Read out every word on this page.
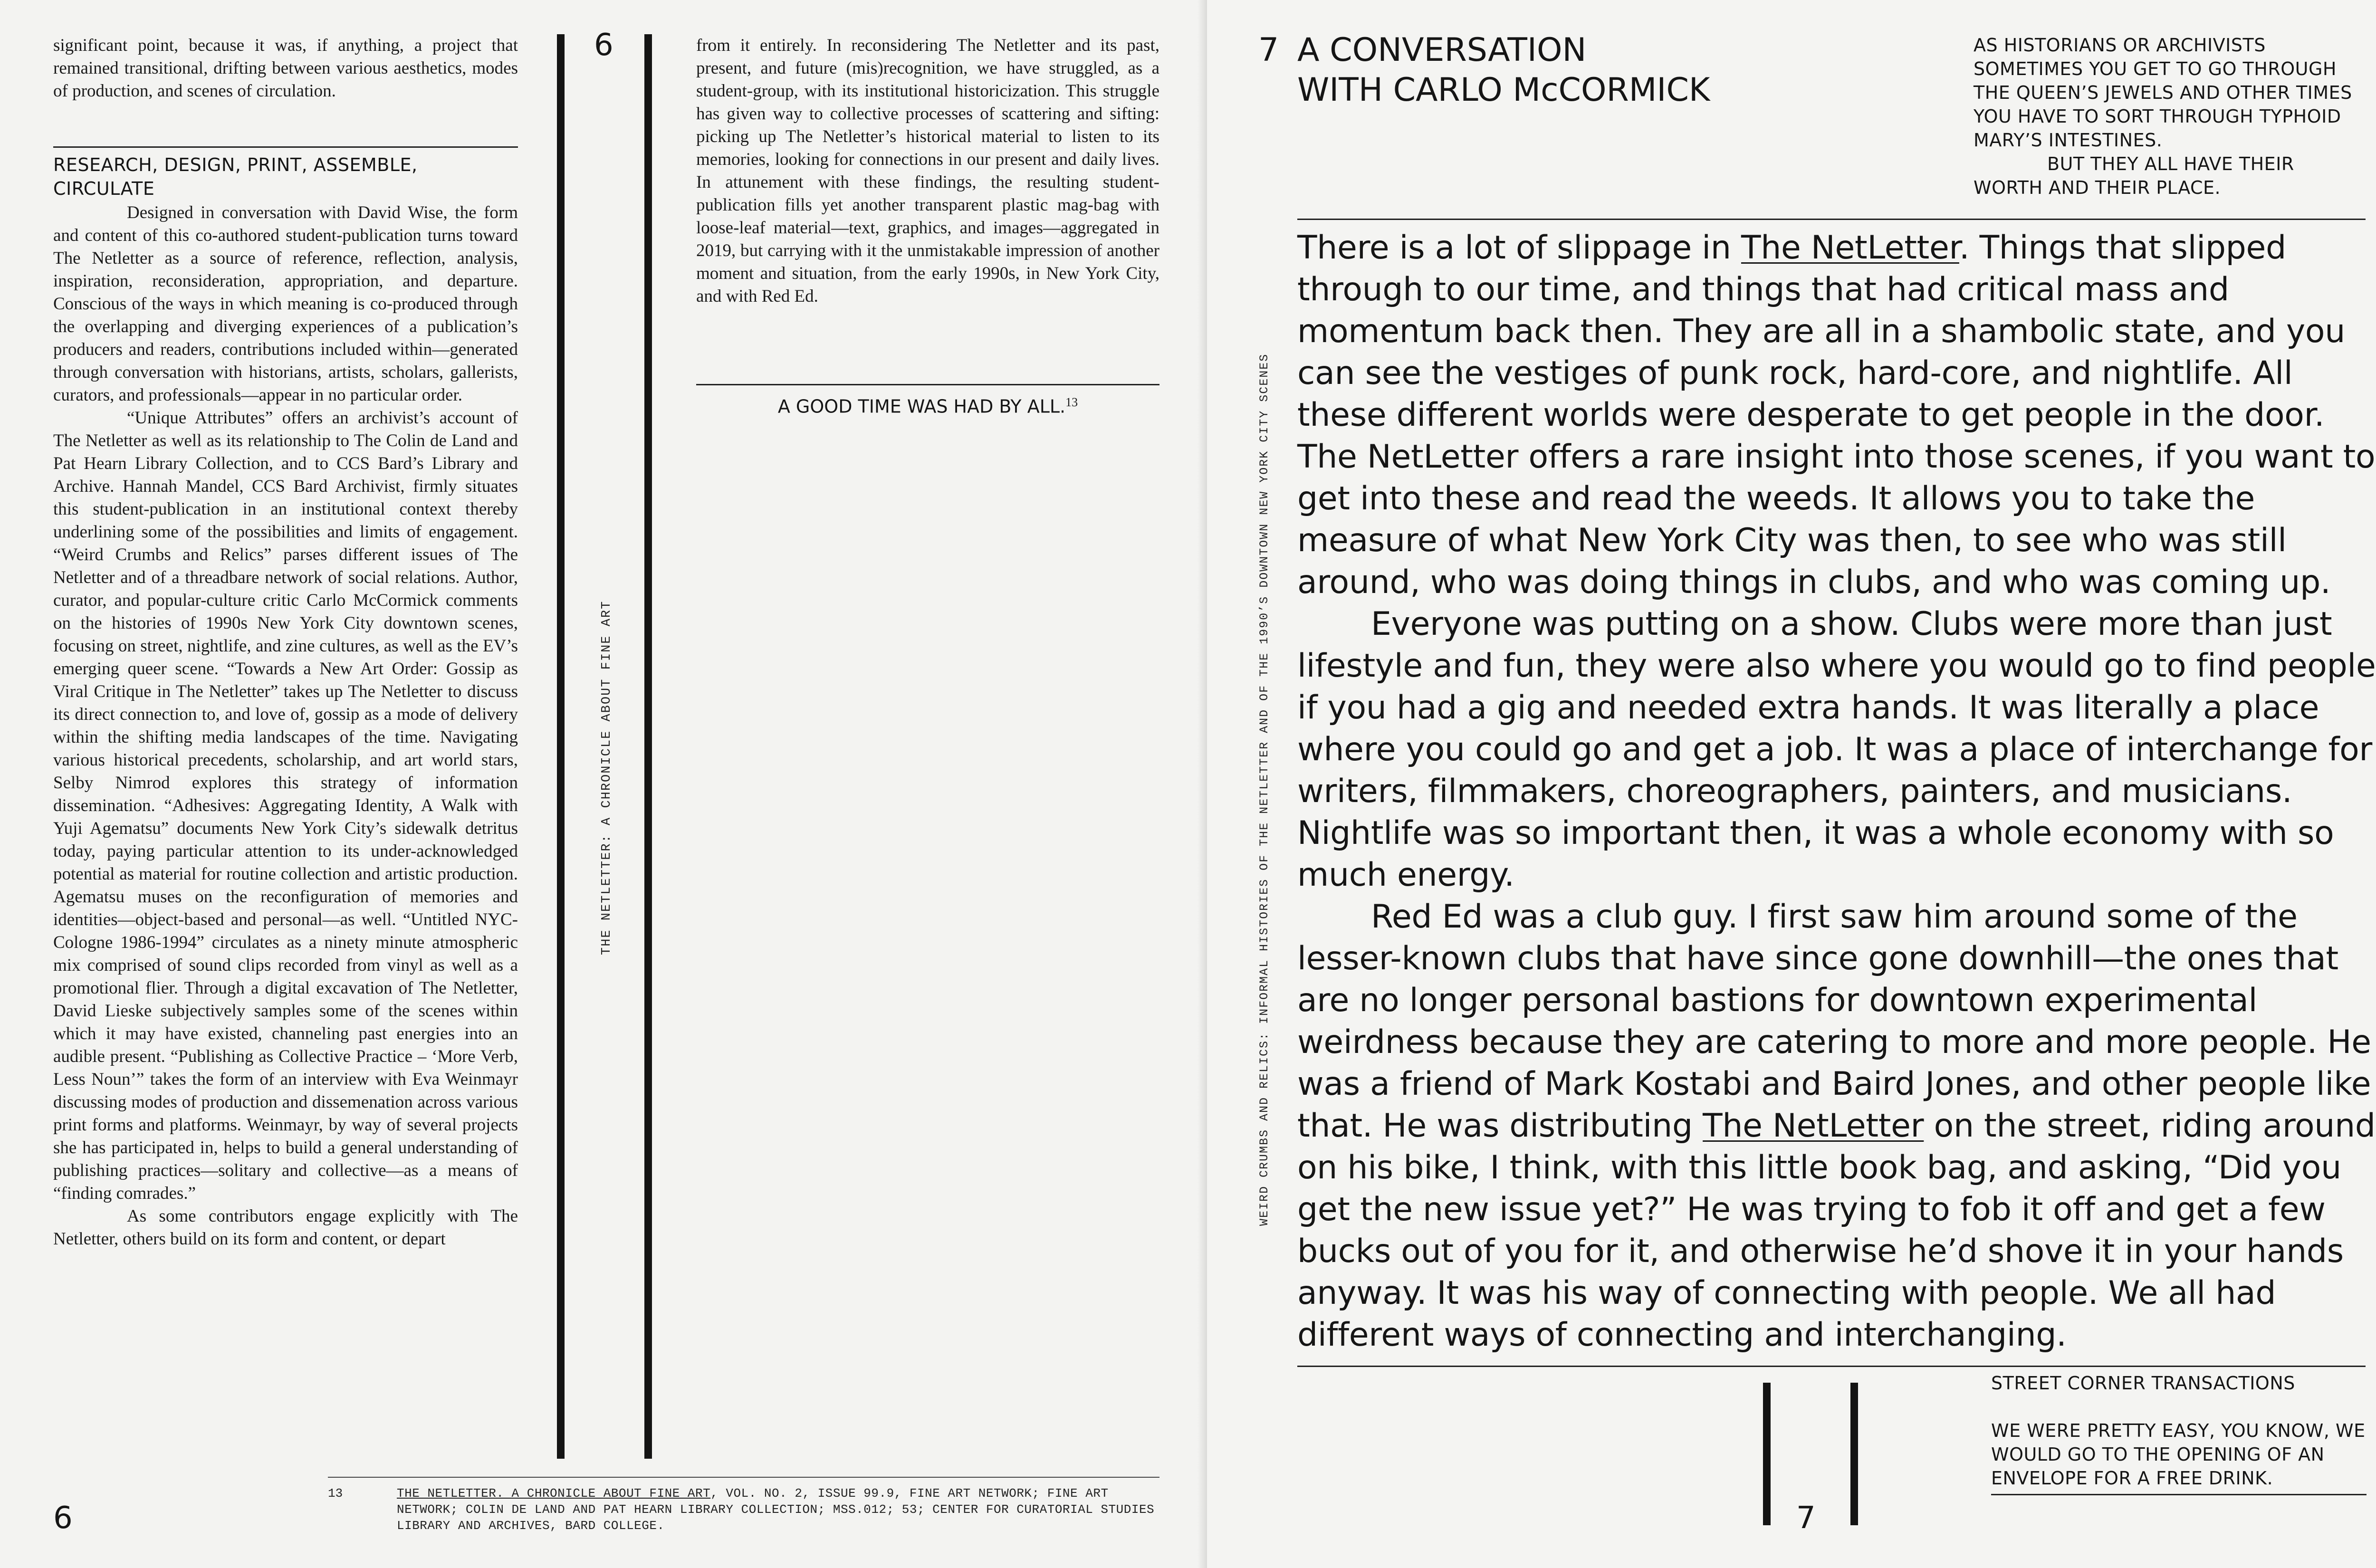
significant point, because it was, if anything, a project that remained transitional, drifting between various aesthetics, modes of production, and scenes of circulation.
RESEARCH, DESIGN, PRINT, ASSEMBLE, CIRCULATE

Designed in conversation with David Wise, the form and content of this co-authored student-publication turns toward The Netletter as a source of reference, reflection, analysis, inspiration, reconsideration, appropriation, and departure. Conscious of the ways in which meaning is co-produced through the overlapping and diverging experiences of a publication’s producers and readers, contributions included within—generated through conversation with historians, artists, scholars, gallerists, curators, and professionals—appear in no particular order.

“Unique Attributes” offers an archivist’s account of The Netletter as well as its relationship to The Colin de Land and Pat Hearn Library Collection, and to CCS Bard’s Library and Archive. Hannah Mandel, CCS Bard Archivist, firmly situates this student-publication in an institutional context thereby underlining some of the possibilities and limits of engagement. “Weird Crumbs and Relics” parses different issues of The Netletter and of a threadbare network of social relations. Author, curator, and popular-culture critic Carlo McCormick comments on the histories of 1990s New York City downtown scenes, focusing on street, nightlife, and zine cultures, as well as the EV’s emerging queer scene. “Towards a New Art Order: Gossip as Viral Critique in The Netletter” takes up The Netletter to discuss its direct connection to, and love of, gossip as a mode of delivery within the shifting media landscapes of the time. Navigating various historical precedents, scholarship, and art world stars, Selby Nimrod explores this strategy of information dissemination. “Adhesives: Aggregating Identity, A Walk with Yuji Agematsu” documents New York City’s sidewalk detritus today, paying particular attention to its under-acknowledged potential as material for routine collection and artistic production. Agematsu muses on the reconfiguration of memories and identities—object-based and personal—as well. “Untitled NYC-Cologne 1986-1994” circulates as a ninety minute atmospheric mix comprised of sound clips recorded from vinyl as well as a promotional flier. Through a digital excavation of The Netletter, David Lieske subjectively samples some of the scenes within which it may have existed, channeling past energies into an audible present. “Publishing as Collective Practice – ‘More Verb, Less Noun’” takes the form of an interview with Eva Weinmayr discussing modes of production and dissemenation across various print forms and platforms. Weinmayr, by way of several projects she has participated in, helps to build a general understanding of publishing practices—solitary and collective—as a means of “finding comrades.”

As some contributors engage explicitly with The Netletter, others build on its form and content, or depart

6
THE NETLETTER: A CHRONICLE ABOUT FINE ART
from it entirely. In reconsidering The Netletter and its past, present, and future (mis)recognition, we have struggled, as a student-group, with its institutional historicization. This struggle has given way to collective processes of scattering and sifting: picking up The Netletter’s historical material to listen to its memories, looking for connections in our present and daily lives. In attunement with these findings, the resulting student-publication fills yet another transparent plastic mag-bag with loose-leaf material—text, graphics, and images—aggregated in 2019, but carrying with it the unmistakable impression of another moment and situation, from the early 1990s, in New York City, and with Red Ed.
A GOOD TIME WAS HAD BY ALL.$^{13}$
13	THE NETLETTER. A CHRONICLE ABOUT FINE ART, VOL. NO. 2, ISSUE 99.9, FINE ART NETWORK; FINE ART NETWORK; COLIN DE LAND AND PAT HEARN LIBRARY COLLECTION; MSS.012; 53; CENTER FOR CURATORIAL STUDIES LIBRARY AND ARCHIVES, BARD COLLEGE.
6
7 A CONVERSATION
WITH CARLO McCORMICK
AS HISTORIANS OR ARCHIVISTS SOMETIMES YOU GET TO GO THROUGH THE QUEEN’S JEWELS AND OTHER TIMES YOU HAVE TO SORT THROUGH TYPHOID MARY’S INTESTINES.
BUT THEY ALL HAVE THEIR WORTH AND THEIR PLACE.
WEIRD CRUMBS AND RELICS: INFORMAL HISTORIES OF THE NETLETTER AND OF THE 1990’S DOWNTOWN NEW YORK CITY SCENES

There is a lot of slippage in The NetLetter. Things that slipped through to our time, and things that had critical mass and momentum back then. They are all in a shambolic state, and you can see the vestiges of punk rock, hard-core, and nightlife. All these different worlds were desperate to get people in the door. The NetLetter offers a rare insight into those scenes, if you want to get into these and read the weeds. It allows you to take the measure of what New York City was then, to see who was still around, who was doing things in clubs, and who was coming up.

Everyone was putting on a show. Clubs were more than just lifestyle and fun, they were also where you would go to find people if you had a gig and needed extra hands. It was literally a place where you could go and get a job. It was a place of interchange for writers, filmmakers, choreographers, painters, and musicians. Nightlife was so important then, it was a whole economy with so much energy.

Red Ed was a club guy. I first saw him around some of the lesser-known clubs that have since gone downhill—the ones that are no longer personal bastions for downtown experimental weirdness because they are catering to more and more people. He was a friend of Mark Kostabi and Baird Jones, and other people like that. He was distributing The NetLetter on the street, riding around on his bike, I think, with this little book bag, and asking, “Did you get the new issue yet?” He was trying to fob it off and get a few bucks out of you for it, and otherwise he’d shove it in your hands anyway. It was his way of connecting with people. We all had different ways of connecting and interchanging.

7
STREET CORNER TRANSACTIONS
WE WERE PRETTY EASY, YOU KNOW, WE WOULD GO TO THE OPENING OF AN ENVELOPE FOR A FREE DRINK.
